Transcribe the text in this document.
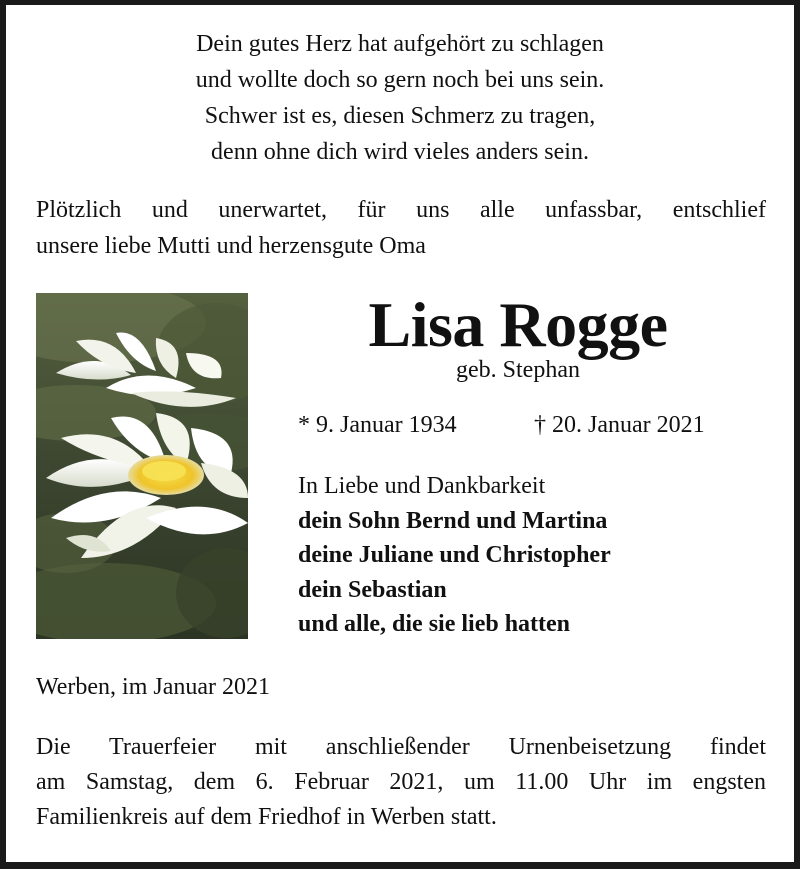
Dein gutes Herz hat aufgehört zu schlagen
und wollte doch so gern noch bei uns sein.
Schwer ist es, diesen Schmerz zu tragen,
denn ohne dich wird vieles anders sein.
Plötzlich und unerwartet, für uns alle unfassbar, entschlief
unsere liebe Mutti und herzensgute Oma
Lisa Rogge
geb. Stephan
* 9. Januar 1934	† 20. Januar 2021
In Liebe und Dankbarkeit
dein Sohn Bernd und Martina
deine Juliane und Christopher
dein Sebastian
und alle, die sie lieb hatten
Werben, im Januar 2021
Die Trauerfeier mit anschließender Urnenbeisetzung findet
am Samstag, dem 6. Februar 2021, um 11.00 Uhr im engsten
Familienkreis auf dem Friedhof in Werben statt.
